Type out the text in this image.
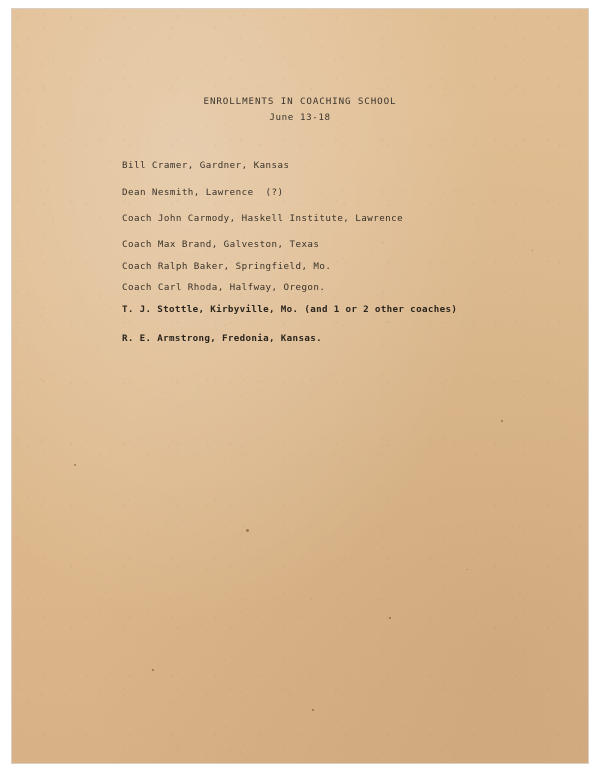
ENROLLMENTS IN COACHING SCHOOL
June 13-18
Bill Cramer, Gardner, Kansas
Dean Nesmith, Lawrence  (?)
Coach John Carmody, Haskell Institute, Lawrence
Coach Max Brand, Galveston, Texas
Coach Ralph Baker, Springfield, Mo.
Coach Carl Rhoda, Halfway, Oregon.
T. J. Stottle, Kirbyville, Mo. (and 1 or 2 other coaches)
R. E. Armstrong, Fredonia, Kansas.
